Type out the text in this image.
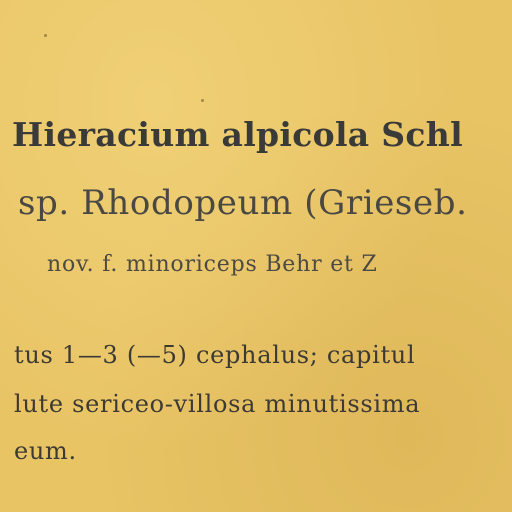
Hieracium alpicola Schl

sp. Rhodopeum (Grieseb.

nov. f. minoriceps Behr et Z

tus 1—3 (—5) cephalus; capitul

lute sericeo-villosa minutissima

eum.
